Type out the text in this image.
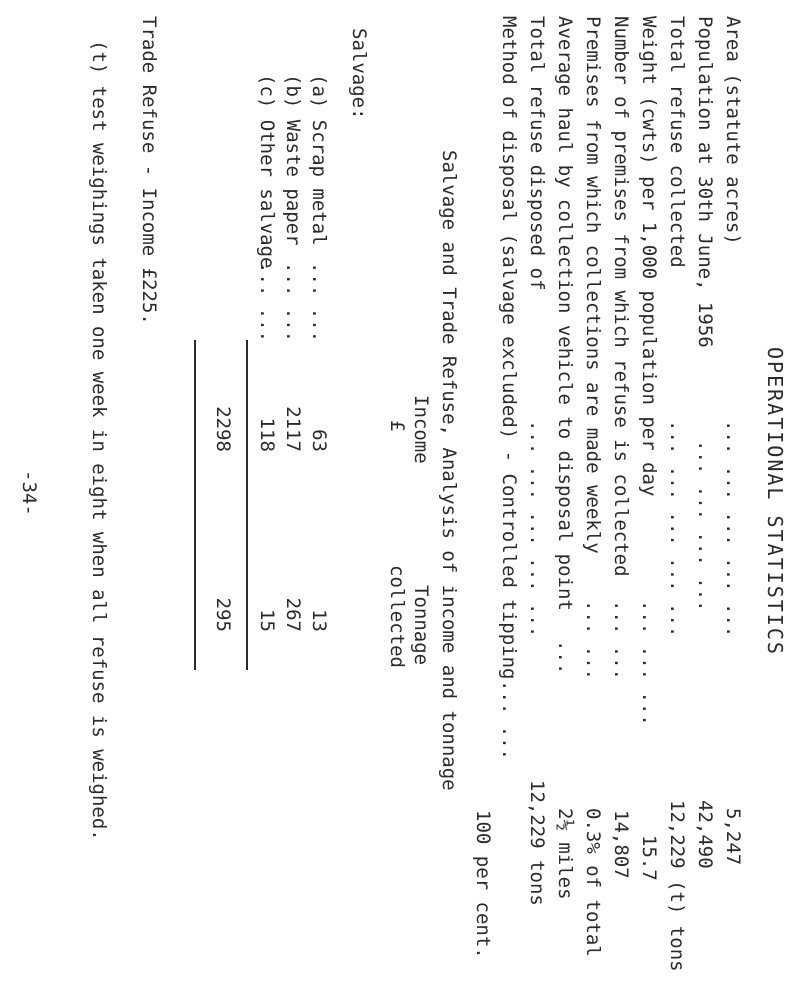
OPERATIONAL STATISTICS
Area (statute acres)
... ... ... ... ...
5,247
Population at 30th June, 1956
... ... ... ...
42,490
Total refuse collected
... ... ... ... ...
12,229 (t) tons
Weight (cwts) per 1,000 population per day
... ... ...
15.7
Number of premises from which refuse is collected
... ...
14,807
Premises from which collections are made weekly
... ...
0.3% of total
Average haul by collection vehicle to disposal point
...
2½ miles
Total refuse disposed of
... ... ... ... ...
12,229 tons
Method of disposal (salvage excluded) - Controlled tipping
... ...
100 per cent.
Salvage and Trade Refuse, Analysis of income and tonnage
Income
£
Tonnage
collected
Salvage:
(a) Scrap metal
... ...
63
13
(b) Waste paper
... ...
2117
267
(c) Other salvage
... ...
118
15
2298
295
Trade Refuse - Income £225.
(t) test weighings taken one week in eight when all refuse is weighed.
-34-
